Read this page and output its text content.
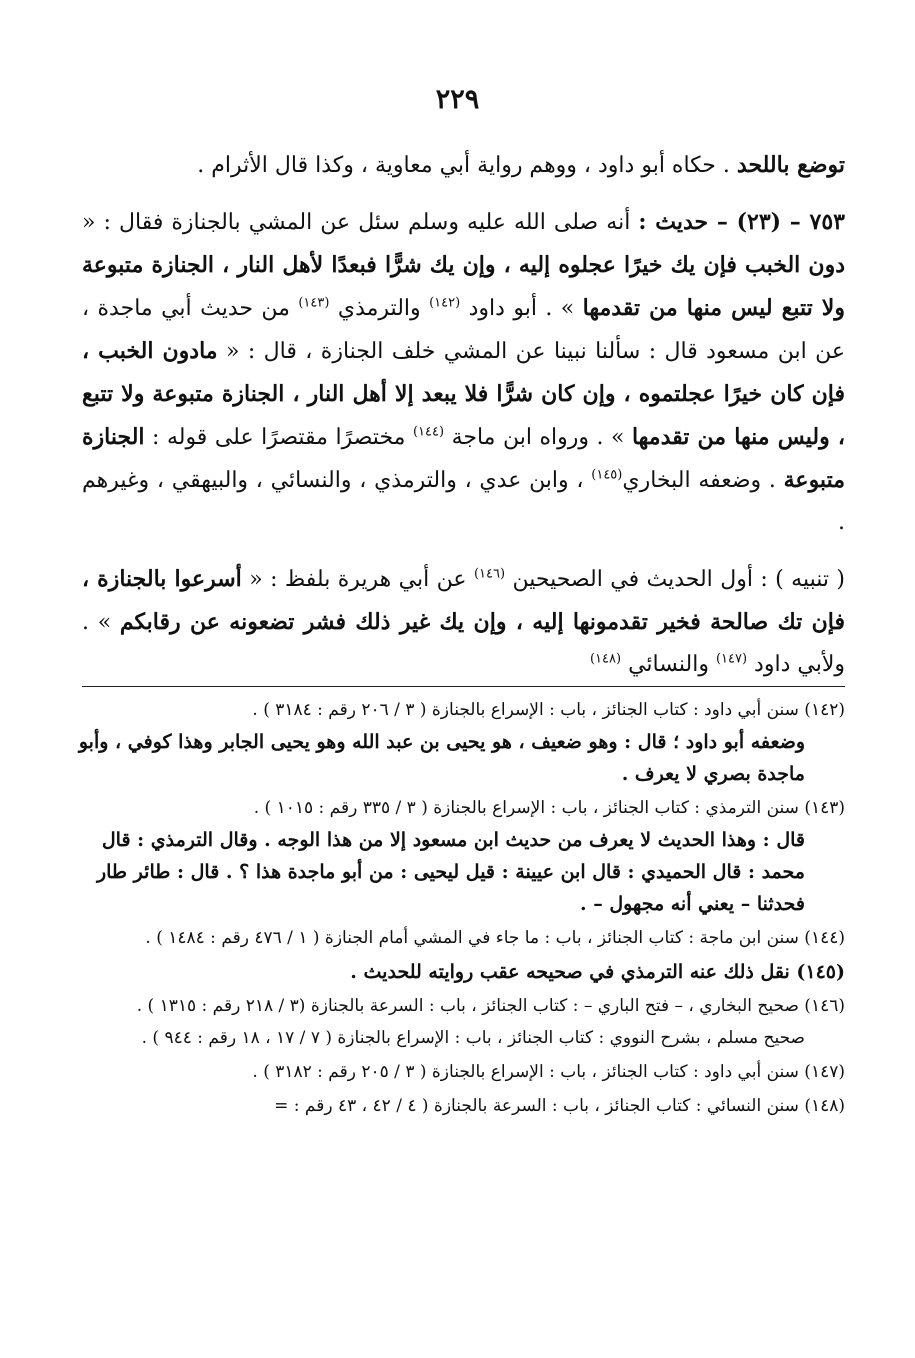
٢٢٩

توضع باللحد . حكاه أبو داود ، ووهم رواية أبي معاوية ، وكذا قال الأثرام .

٧٥٣ – (٢٣) – حديث : أنه صلى الله عليه وسلم سئل عن المشي بالجنازة فقال : « دون الخبب فإن يك خيرًا عجلوه إليه ، وإن يك شرًّا فبعدًا لأهل النار ، الجنازة متبوعة ولا تتبع ليس منها من تقدمها » . أبو داود $^{(١٤٢)}$ والترمذي $^{(١٤٣)}$ من حديث أبي ماجدة ، عن ابن مسعود قال : سألنا نبينا عن المشي خلف الجنازة ، قال : « مادون الخبب ، فإن كان خيرًا عجلتموه ، وإن كان شرًّا فلا يبعد إلا أهل النار ، الجنازة متبوعة ولا تتبع ، وليس منها من تقدمها » . ورواه ابن ماجة $^{(١٤٤)}$ مختصرًا مقتصرًا على قوله : الجنازة متبوعة . وضعفه البخاري$^{(١٤٥)}$ ، وابن عدي ، والترمذي ، والنسائي ، والبيهقي ، وغيرهم .

( تنبيه ) : أول الحديث في الصحيحين $^{(١٤٦)}$ عن أبي هريرة بلفظ : « أسرعوا بالجنازة ، فإن تك صالحة فخير تقدمونها إليه ، وإن يك غير ذلك فشر تضعونه عن رقابكم » . ولأبي داود $^{(١٤٧)}$ والنسائي $^{(١٤٨)}$

(١٤٢) سنن أبي داود : كتاب الجنائز ، باب : الإسراع بالجنازة ( ٣ / ٢٠٦ رقم : ٣١٨٤ ) .
وضعفه أبو داود ؛ قال : وهو ضعيف ، هو يحيى بن عبد الله وهو يحيى الجابر وهذا كوفي ، وأبو ماجدة بصري لا يعرف .
(١٤٣) سنن الترمذي : كتاب الجنائز ، باب : الإسراع بالجنازة ( ٣ / ٣٣٥ رقم : ١٠١٥ ) .
قال : وهذا الحديث لا يعرف من حديث ابن مسعود إلا من هذا الوجه . وقال الترمذي : قال محمد : قال الحميدي : قال ابن عيينة : قيل ليحيى : من أبو ماجدة هذا ؟ . قال : طائر طار فحدثنا – يعني أنه مجهول – .
(١٤٤) سنن ابن ماجة : كتاب الجنائز ، باب : ما جاء في المشي أمام الجنازة ( ١ / ٤٧٦ رقم : ١٤٨٤ ) .
(١٤٥) نقل ذلك عنه الترمذي في صحيحه عقب روايته للحديث .
(١٤٦) صحيح البخاري ، – فتح الباري – : كتاب الجنائز ، باب : السرعة بالجنازة (٣ / ٢١٨ رقم : ١٣١٥ ) .
صحيح مسلم ، بشرح النووي : كتاب الجنائز ، باب : الإسراع بالجنازة ( ٧ / ١٧ ، ١٨ رقم : ٩٤٤ ) .
(١٤٧) سنن أبي داود : كتاب الجنائز ، باب : الإسراع بالجنازة ( ٣ / ٢٠٥ رقم : ٣١٨٢ ) .
(١٤٨) سنن النسائي : كتاب الجنائز ، باب : السرعة بالجنازة ( ٤ / ٤٢ ، ٤٣ رقم : =
